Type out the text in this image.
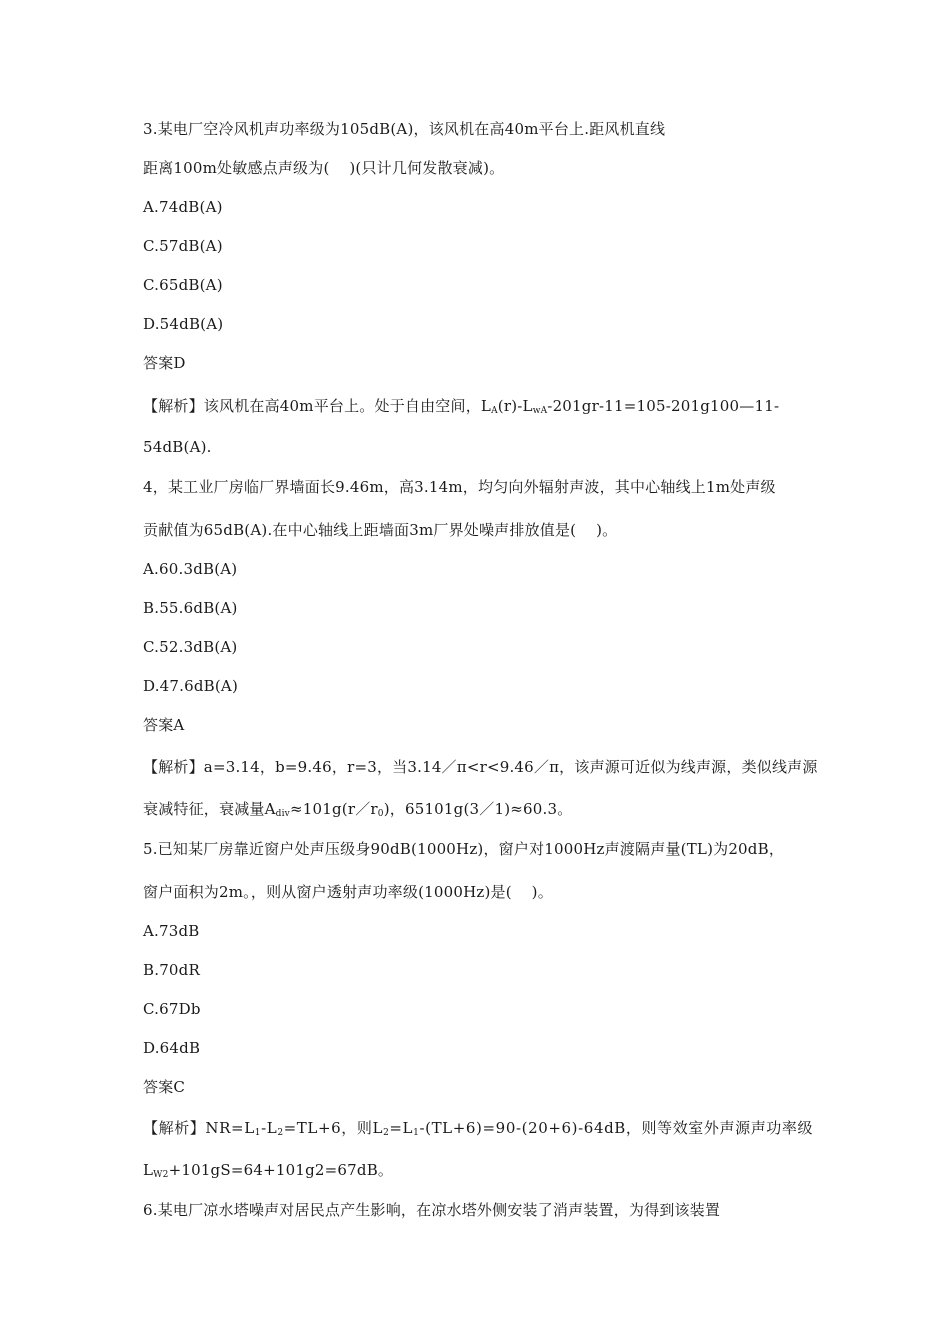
3.某电厂空冷风机声功率级为105dB(A)，该风机在高40m平台上.距风机直线
距离100m处敏感点声级为(    )(只计几何发散衰减)。
A.74dB(A)
C.57dB(A)
C.65dB(A)
D.54dB(A)
答案D
【解析】该风机在高40m平台上。处于自由空间，$L_A(r)-L_{wA}-201gr-11=105-201g100—11-$
54dB(A).
4，某工业厂房临厂界墙面长9.46m，高3.14m，均匀向外辐射声波，其中心轴线上1m处声级
贡献值为65dB(A).在中心轴线上距墙面3m厂界处噪声排放值是(    )。
A.60.3dB(A)
B.55.6dB(A)
C.52.3dB(A)
D.47.6dB(A)
答案A
【解析】a=3.14，b=9.46，r=3，当3.14／π<r<9.46／π，该声源可近似为线声源，类似线声源
衰减特征，衰减量$A_{div}\approx 101g(r/r_0)$，65101g(3／1)≈60.3。
5.已知某厂房靠近窗户处声压级身90dB(1000Hz)，窗户对1000Hz声渡隔声量(TL)为20dB，
窗户面积为2m。，则从窗户透射声功率级(1000Hz)是(    )。
A.73dB
B.70dR
C.67Db
D.64dB
答案C
【解析】$NR=L_1-L_2=TL+6$，则$L_2=L_1-(TL+6)=90-(20+6)-64dB$，则等效室外声源声功率级
$L_{W2}+101gS=64+101g2=67dB$。
6.某电厂凉水塔噪声对居民点产生影响，在凉水塔外侧安装了消声装置，为得到该装置
